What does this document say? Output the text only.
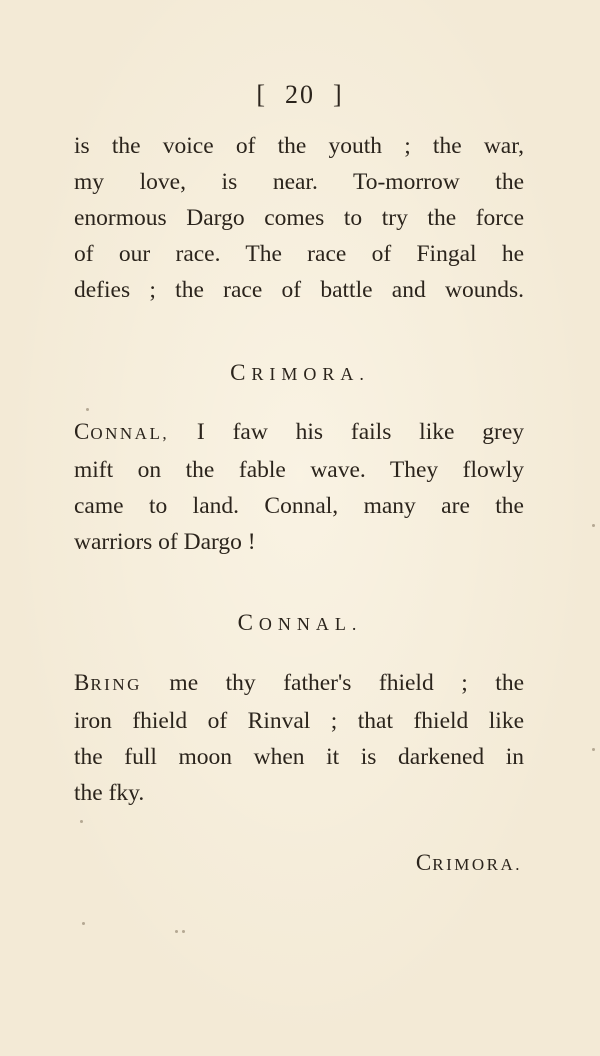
[ 20 ]
is the voice of the youth ; the war,
my love, is near. To-morrow the
enormous Dargo comes to try the force
of our race. The race of Fingal he
defies ; the race of battle and wounds.
CRIMORA.
CONNAL, I faw his fails like grey
mift on the fable wave. They flowly
came to land. Connal, many are the
warriors of Dargo !
CONNAL.
BRING me thy father's fhield ; the
iron fhield of Rinval ; that fhield like
the full moon when it is darkened in
the fky.
CRIMORA.
